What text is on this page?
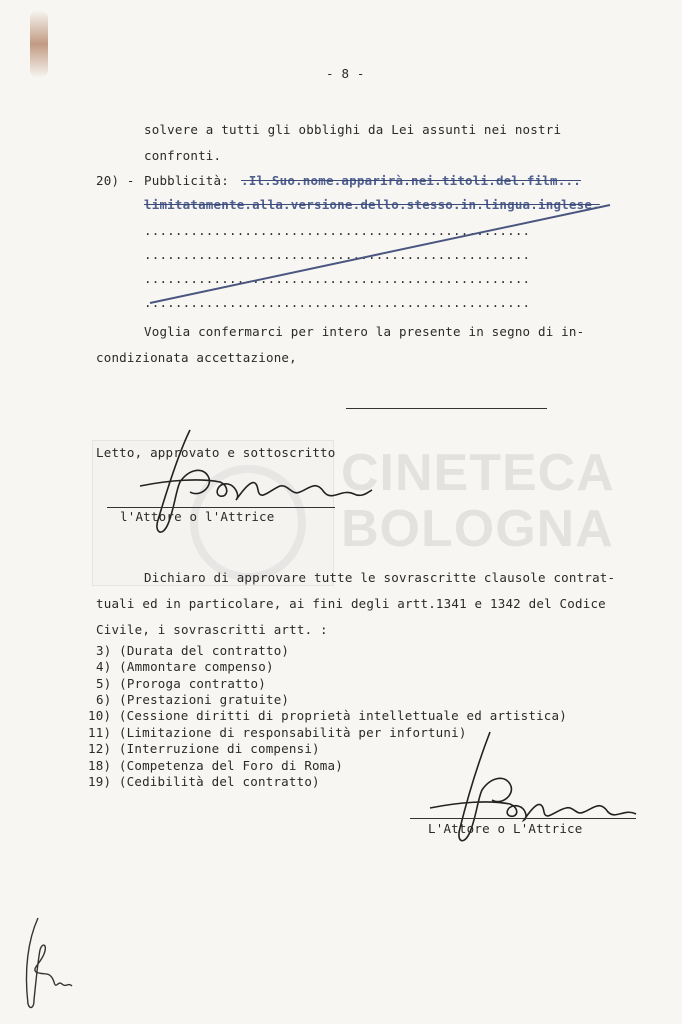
CINETECA
BOLOGNA
- 8 -
solvere a tutti gli obblighi da Lei assunti nei nostri
confronti.
20) - Pubblicità: .Il.Suo.nome.apparirà.nei.titoli.del.film...
limitatamente.alla.versione.dello.stesso.in.lingua.inglese.
..................................................
..................................................
..................................................
..................................................
Voglia confermarci per intero la presente in segno di in-
condizionata accettazione,
Letto, approvato e sottoscritto
l'Attore o l'Attrice
Dichiaro di approvare tutte le sovrascritte clausole contrat-
tuali ed in particolare, ai fini degli artt.1341 e 1342 del Codice
Civile, i sovrascritti artt. :
3) (Durata del contratto)
4) (Ammontare compenso)
5) (Proroga contratto)
6) (Prestazioni gratuite)
10) (Cessione diritti di proprietà intellettuale ed artistica)
11) (Limitazione di responsabilità per infortuni)
12) (Interruzione di compensi)
18) (Competenza del Foro di Roma)
19) (Cedibilità del contratto)
L'Attore o L'Attrice
